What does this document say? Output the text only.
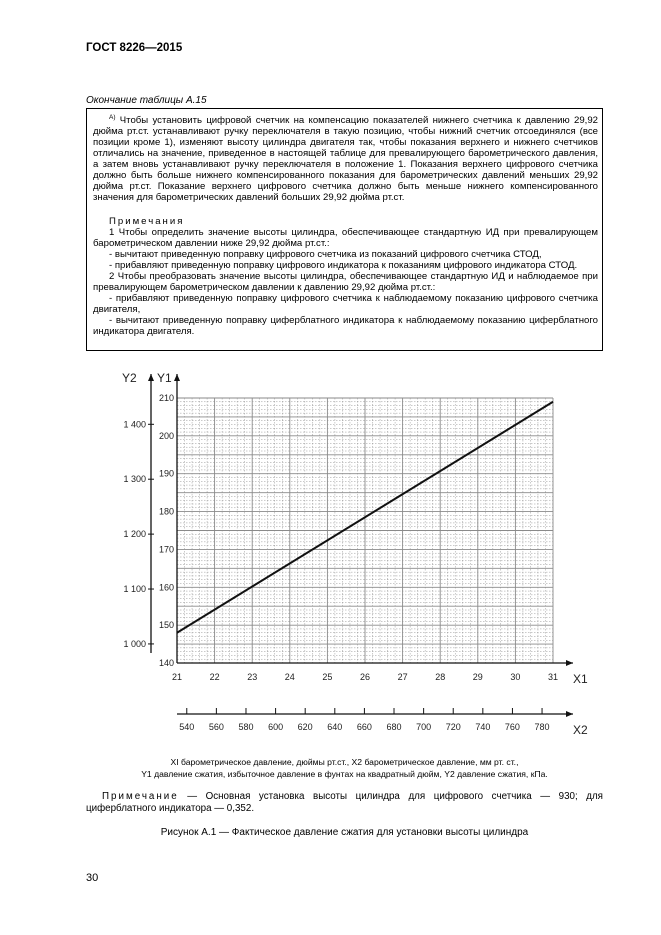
ГОСТ 8226—2015
Окончание таблицы А.15

$^{А)}$ Чтобы установить цифровой счетчик на компенсацию показателей нижнего счетчика к давлению 29,92 дюйма рт.ст. устанавливают ручку переключателя в такую позицию, чтобы нижний счетчик отсоединялся (все позиции кроме 1), изменяют высоту цилиндра двигателя так, чтобы показания верхнего и нижнего счетчиков отличались на значение, приведенное в настоящей таблице для превалирующего барометрического давления, а затем вновь устанавливают ручку переключателя в положение 1. Показания верхнего цифрового счетчика должно быть больше нижнего компенсированного показания для барометрических давлений меньших 29,92 дюйма рт.ст. Показание верхнего цифрового счетчика должно быть меньше нижнего компенсированного значения для барометрических давлений больших 29,92 дюйма рт.ст.

Примечания

1 Чтобы определить значение высоты цилиндра, обеспечивающее стандартную ИД при превалирующем барометрическом давлении ниже 29,92 дюйма рт.ст.:

- вычитают приведенную поправку цифрового счетчика из показаний цифрового счетчика СТОД,

- прибавляют приведенную поправку цифрового индикатора к показаниям цифрового индикатора СТОД.

2 Чтобы преобразовать значение высоты цилиндра, обеспечивающее стандартную ИД и наблюдаемое при превалирующем барометрическом давлении к давлению 29,92 дюйма рт.ст.:

- прибавляют приведенную поправку цифрового счетчика к наблюдаемому показанию цифрового счетчика двигателя,

- вычитают приведенную поправку циферблатного индикатора к наблюдаемому показанию циферблатного индикатора двигателя.

Y2 Y1
X1
140
150
160
170
180
190
200
210
1 000
1 100
1 200
1 300
1 400
21	22	23	24	25	26	27	28	29	30	31
X2
540 560 580 600 620 640 660 680 700 720 740 760 780
XI барометрическое давление, дюймы рт.ст., X2 барометрическое давление, мм рт. ст.,
Y1 давление сжатия, избыточное давление в фунтах на квадратный дюйм, Y2 давление сжатия, кПа.
Примечание — Основная установка высоты цилиндра для цифрового счетчика — 930; для циферблатного индикатора — 0,352.
Рисунок А.1 — Фактическое давление сжатия для установки высоты цилиндра
30
